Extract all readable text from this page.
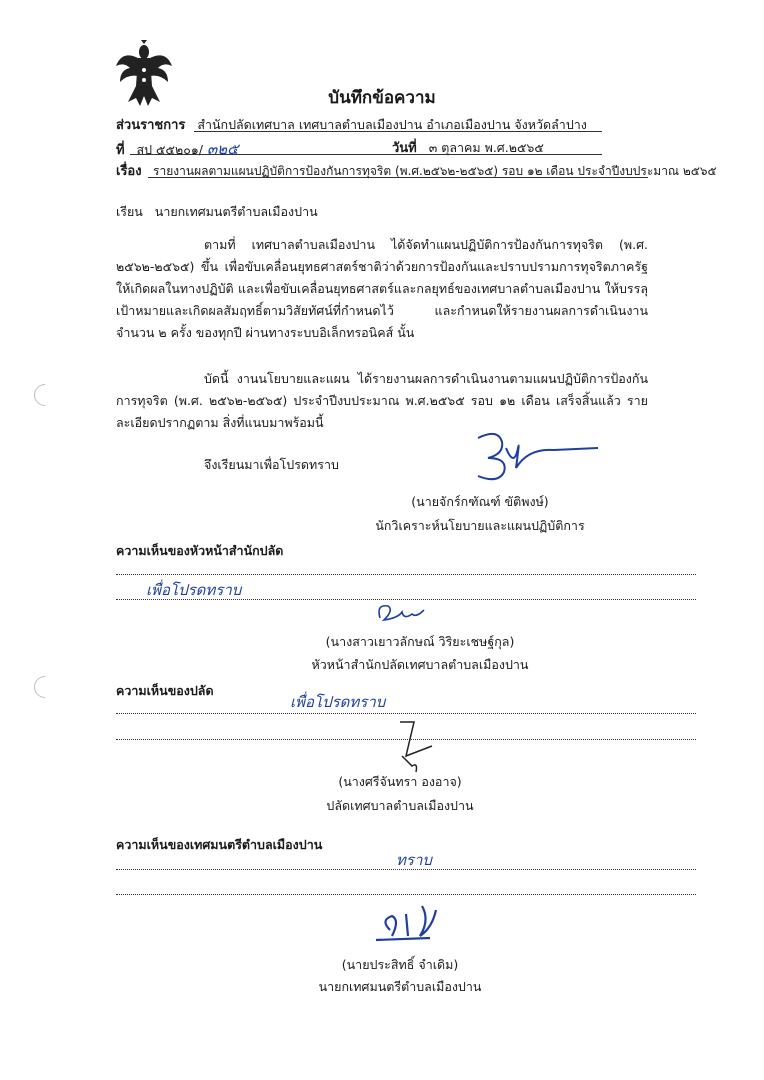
บันทึกข้อความ
ส่วนราชการ สำนักปลัดเทศบาล เทศบาลตำบลเมืองปาน อำเภอเมืองปาน จังหวัดลำปาง
ที่ สป ๕๕๒๐๑/ ๓๒๕	วันที่ ๓ ตุลาคม พ.ศ.๒๕๖๕
เรื่อง รายงานผลตามแผนปฏิบัติการป้องกันการทุจริต (พ.ศ.๒๕๖๒-๒๕๖๕) รอบ ๑๒ เดือน ประจำปีงบประมาณ ๒๕๖๕
เรียน นายกเทศมนตรีตำบลเมืองปาน

ตามที่ เทศบาลตำบลเมืองปาน ได้จัดทำแผนปฏิบัติการป้องกันการทุจริต (พ.ศ. ๒๕๖๒-๒๕๖๕) ขึ้น เพื่อขับเคลื่อนยุทธศาสตร์ชาติว่าด้วยการป้องกันและปราบปรามการทุจริตภาครัฐให้เกิดผลในทางปฏิบัติ และเพื่อขับเคลื่อนยุทธศาสตร์และกลยุทธ์ของเทศบาลตำบลเมืองปาน ให้บรรลุเป้าหมายและเกิดผลสัมฤทธิ์ตามวิสัยทัศน์ที่กำหนดไว้ และกำหนดให้รายงานผลการดำเนินงานจำนวน ๒ ครั้ง ของทุกปี ผ่านทางระบบอิเล็กทรอนิคส์ นั้น

บัดนี้ งานนโยบายและแผน ได้รายงานผลการดำเนินงานตามแผนปฏิบัติการป้องกันการทุจริต (พ.ศ. ๒๕๖๒-๒๕๖๕) ประจำปีงบประมาณ พ.ศ.๒๕๖๕ รอบ ๑๒ เดือน เสร็จสิ้นแล้ว รายละเอียดปรากฏตาม สิ่งที่แนบมาพร้อมนี้

จึงเรียนมาเพื่อโปรดทราบ
(นายจักร์กฑัณฑ์ ขัติพงษ์)
นักวิเคราะห์นโยบายและแผนปฏิบัติการ
ความเห็นของหัวหน้าสำนักปลัด
เพื่อโปรดทราบ
(นางสาวเยาวลักษณ์ วิริยะเชษฐ์กุล)
หัวหน้าสำนักปลัดเทศบาลตำบลเมืองปาน
ความเห็นของปลัด
เพื่อโปรดทราบ
(นางศรีจันทรา องอาจ)
ปลัดเทศบาลตำบลเมืองปาน
ความเห็นของเทศมนตรีตำบลเมืองปาน
ทราบ
(นายประสิทธิ์ จำเดิม)
นายกเทศมนตรีตำบลเมืองปาน
